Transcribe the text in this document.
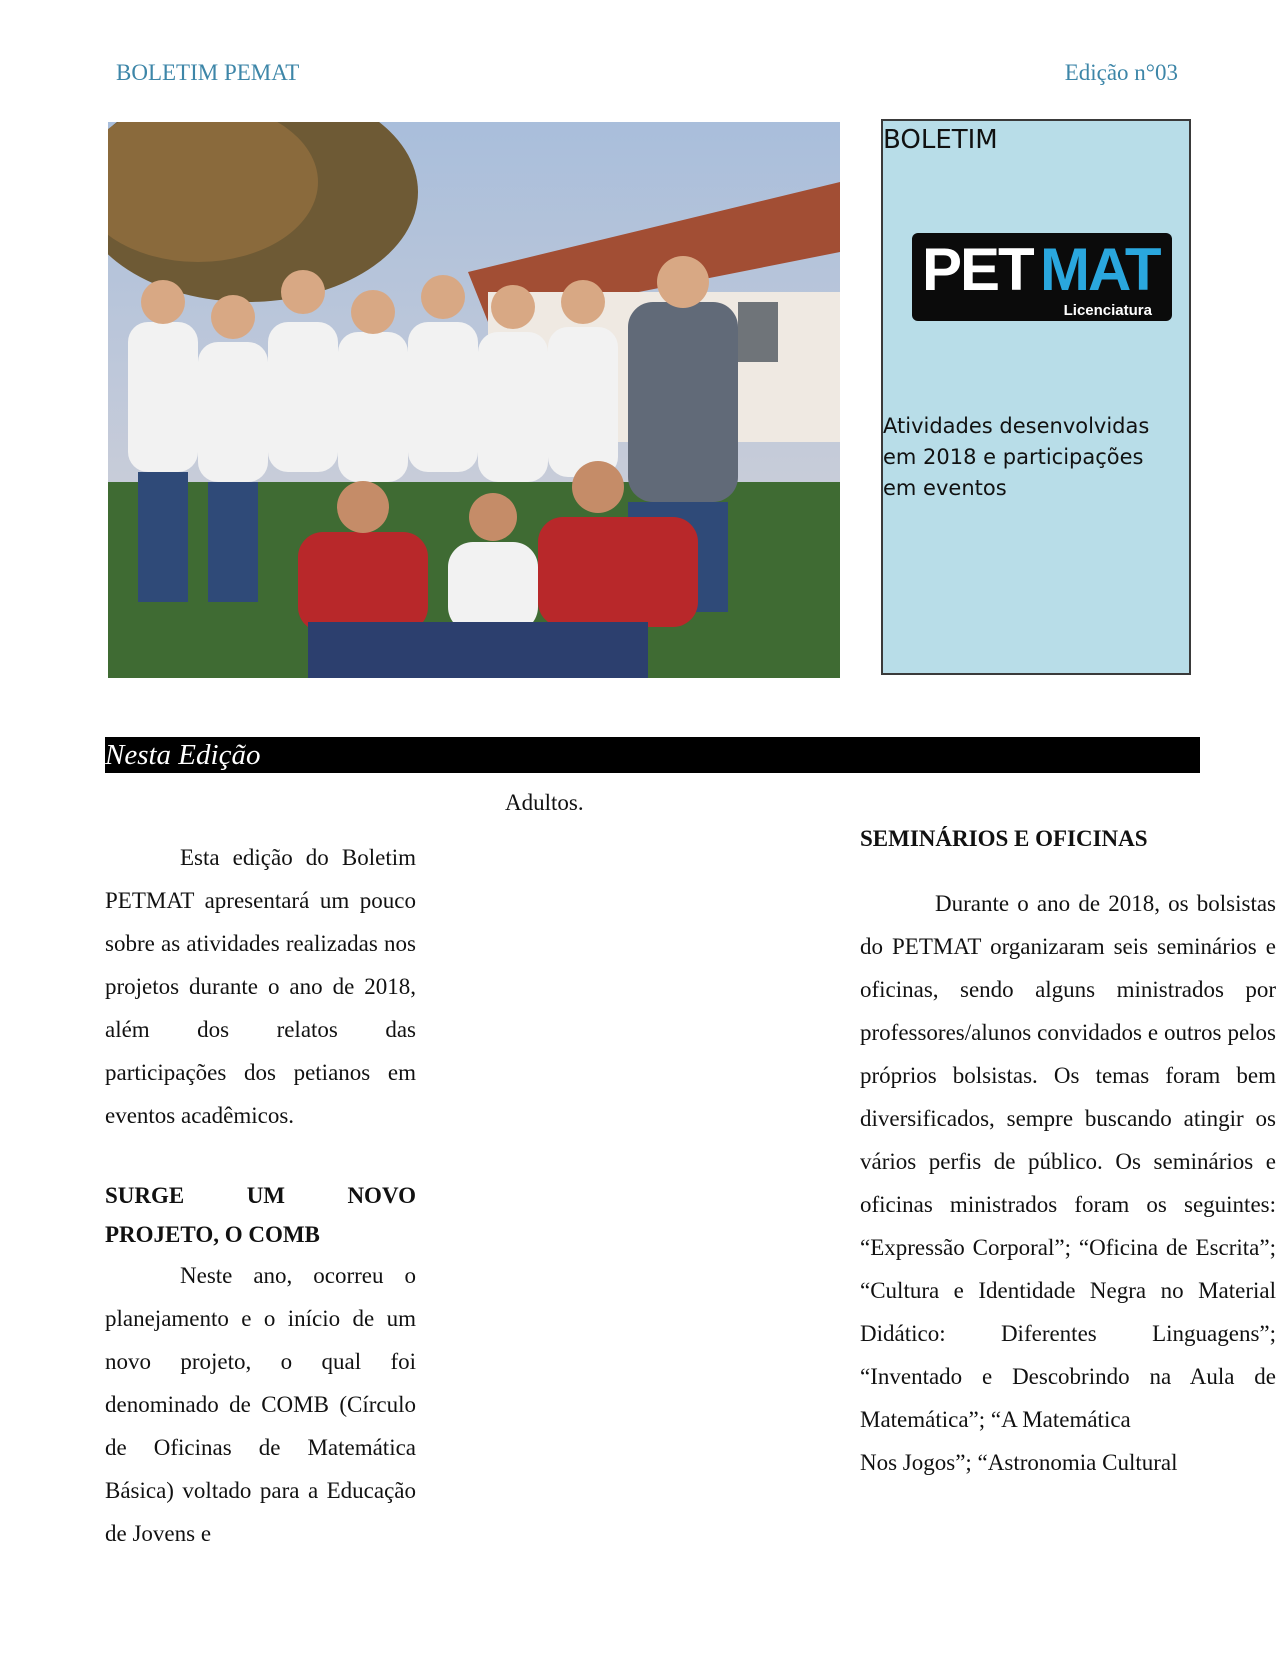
BOLETIM PEMAT	Edição n°03
BOLETIM
PET MAT
Licenciatura
Atividades desenvolvidas em 2018 e participações em eventos
Nesta Edição

Esta edição do Boletim PETMAT apresentará um pouco sobre as atividades realizadas nos projetos durante o ano de 2018, além dos relatos das participações dos petianos em eventos acadêmicos.

SURGE UM NOVO PROJETO, O COMB

Neste ano, ocorreu o planejamento e o início de um novo projeto, o qual foi denominado de COMB (Círculo de Oficinas de Matemática Básica) voltado para a Educação de Jovens e

Adultos.

SEMINÁRIOS E OFICINAS

Durante o ano de 2018, os bolsistas do PETMAT organizaram seis seminários e oficinas, sendo alguns ministrados por professores/alunos convidados e outros pelos próprios bolsistas. Os temas foram bem diversificados, sempre buscando atingir os vários perfis de público. Os seminários e oficinas ministrados foram os seguintes: “Expressão Corporal”; “Oficina de Escrita”; “Cultura e Identidade Negra no Material Didático: Diferentes Linguagens”; “Inventado e Descobrindo na Aula de Matemática”; “A Matemática

Nos Jogos”; “Astronomia Cultural
